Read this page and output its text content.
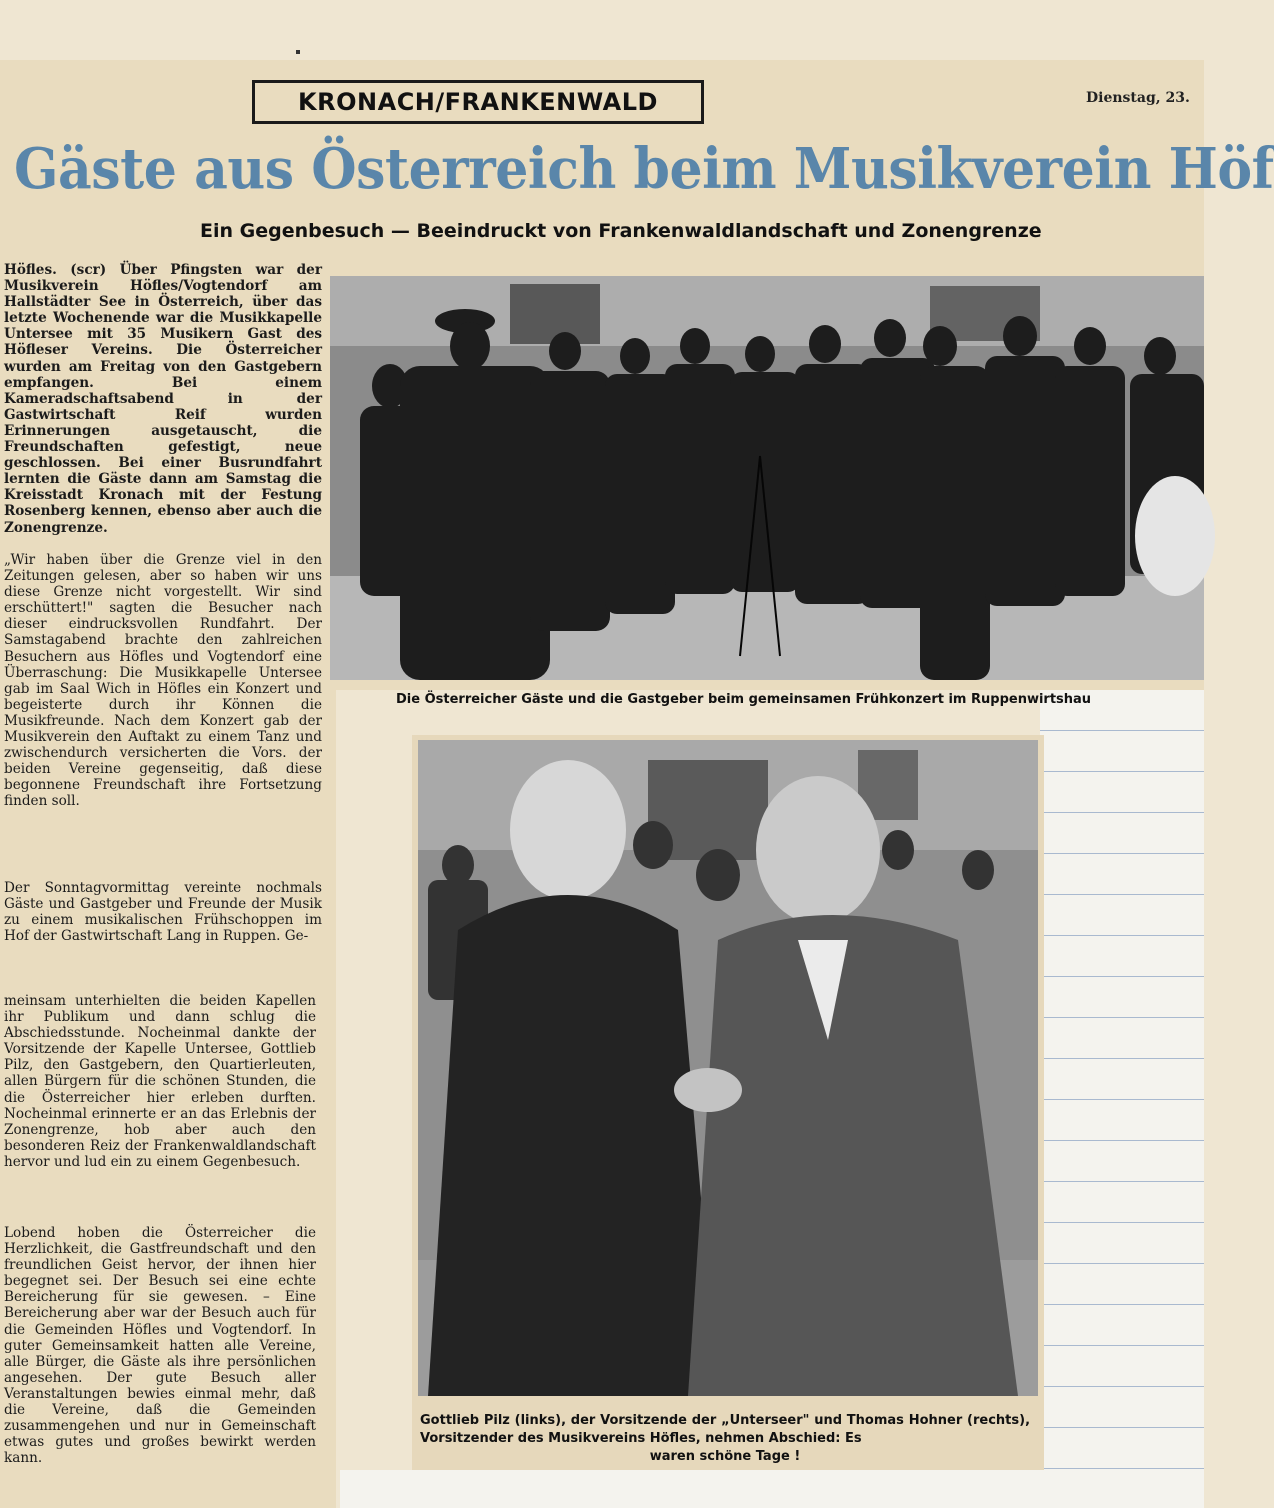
KRONACH/FRANKENWALD	Dienstag, 23.
Gäste aus Österreich beim Musikverein Höf
Ein Gegenbesuch — Beeindruckt von Frankenwaldlandschaft und Zonengrenze

Höfles. (scr) Über Pfingsten war der Musikverein Höfles/Vogtendorf am Hallstädter See in Österreich, über das letzte Wochenende war die Musikkapelle Untersee mit 35 Musikern Gast des Höfleser Vereins. Die Österreicher wurden am Freitag von den Gastgebern empfangen. Bei einem Kameradschaftsabend in der Gastwirtschaft Reif wurden Erinnerungen ausgetauscht, die Freundschaften gefestigt, neue geschlossen. Bei einer Busrundfahrt lernten die Gäste dann am Samstag die Kreisstadt Kronach mit der Festung Rosenberg kennen, ebenso aber auch die Zonengrenze.

„Wir haben über die Grenze viel in den Zeitungen gelesen, aber so haben wir uns diese Grenze nicht vorgestellt. Wir sind erschüttert!" sagten die Besucher nach dieser eindrucksvollen Rundfahrt. Der Samstagabend brachte den zahlreichen Besuchern aus Höfles und Vogtendorf eine Überraschung: Die Musikkapelle Untersee gab im Saal Wich in Höfles ein Konzert und begeisterte durch ihr Können die Musikfreunde. Nach dem Konzert gab der Musikverein den Auftakt zu einem Tanz und zwischendurch versicherten die Vors. der beiden Vereine gegenseitig, daß diese begonnene Freundschaft ihre Fortsetzung finden soll.

Der Sonntagvormittag vereinte nochmals Gäste und Gastgeber und Freunde der Musik zu einem musikalischen Frühschoppen im Hof der Gastwirtschaft Lang in Ruppen. Ge-

meinsam unterhielten die beiden Kapellen ihr Publikum und dann schlug die Abschiedsstunde. Nocheinmal dankte der Vorsitzende der Kapelle Untersee, Gottlieb Pilz, den Gastgebern, den Quartierleuten, allen Bürgern für die schönen Stunden, die die Österreicher hier erleben durften. Nocheinmal erinnerte er an das Erlebnis der Zonengrenze, hob aber auch den besonderen Reiz der Frankenwaldlandschaft hervor und lud ein zu einem Gegenbesuch.

Lobend hoben die Österreicher die Herzlichkeit, die Gastfreundschaft und den freundlichen Geist hervor, der ihnen hier begegnet sei. Der Besuch sei eine echte Bereicherung für sie gewesen. – Eine Bereicherung aber war der Besuch auch für die Gemeinden Höfles und Vogtendorf. In guter Gemeinsamkeit hatten alle Vereine, alle Bürger, die Gäste als ihre persönlichen angesehen. Der gute Besuch aller Veranstaltungen bewies einmal mehr, daß die Vereine, daß die Gemeinden zusammengehen und nur in Gemeinschaft etwas gutes und großes bewirkt werden kann.

Die Österreicher Gäste und die Gastgeber beim gemeinsamen Frühkonzert im Ruppenwirtshau
Gottlieb Pilz (links), der Vorsitzende der „Unterseer" und Thomas Hohner (rechts), Vorsitzender des Musikvereins Höfles, nehmen Abschied: Es
waren schöne Tage !
